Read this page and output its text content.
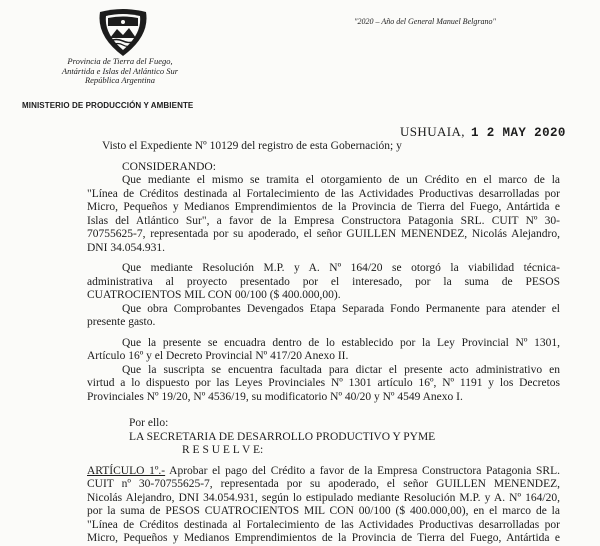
Provincia de Tierra del Fuego,
Antártida e Islas del Atlántico Sur
República Argentina
MINISTERIO DE PRODUCCIÓN Y AMBIENTE
"2020 – Año del General Manuel Belgrano"
USHUAIA, 1 2 MAY 2020
Visto el Expediente Nº 10129 del registro de esta Gobernación; y
CONSIDERANDO:
Que mediante el mismo se tramita el otorgamiento de un Crédito en el marco de la
"Línea de Créditos destinada al Fortalecimiento de las Actividades Productivas desarrolladas por
Micro, Pequeños y Medianos Emprendimientos de la Provincia de Tierra del Fuego, Antártida e
Islas del Atlántico Sur", a favor de la Empresa Constructora Patagonia SRL. CUIT Nº 30-
70755625-7, representada por su apoderado, el señor GUILLEN MENENDEZ, Nicolás Alejandro,
DNI 34.054.931.
Que mediante Resolución M.P. y A. Nº 164/20 se otorgó la viabilidad técnica-
administrativa al proyecto presentado por el interesado, por la suma de PESOS
CUATROCIENTOS MIL CON 00/100 ($ 400.000,00).
Que obra Comprobantes Devengados Etapa Separada Fondo Permanente para atender el
presente gasto.
Que la presente se encuadra dentro de lo establecido por la Ley Provincial Nº 1301,
Artículo 16º y el Decreto Provincial Nº 417/20 Anexo II.
Que la suscripta se encuentra facultada para dictar el presente acto administrativo en
virtud a lo dispuesto por las Leyes Provinciales Nº 1301 artículo 16º, Nº 1191 y los Decretos
Provinciales Nº 19/20, Nº 4536/19, su modificatorio Nº 40/20 y Nº 4549 Anexo I.
Por ello:
LA SECRETARIA DE DESARROLLO PRODUCTIVO Y PYME
R E S U E L V E:
ARTÍCULO 1º.- Aprobar el pago del Crédito a favor de la Empresa Constructora Patagonia SRL.
CUIT nº 30-70755625-7, representada por su apoderado, el señor GUILLEN MENENDEZ,
Nicolás Alejandro, DNI 34.054.931, según lo estipulado mediante Resolución M.P. y A. Nº 164/20,
por la suma de PESOS CUATROCIENTOS MIL CON 00/100 ($ 400.000,00), en el marco de la
"Línea de Créditos destinada al Fortalecimiento de las Actividades Productivas desarrolladas por
Micro, Pequeños y Medianos Emprendimientos de la Provincia de Tierra del Fuego, Antártida e
